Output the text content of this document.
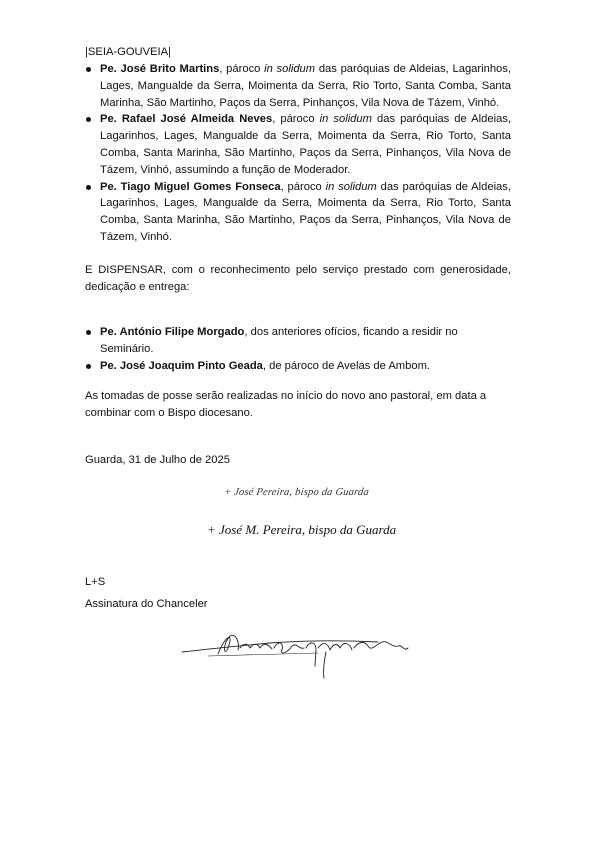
|SEIA-GOUVEIA|
Pe. José Brito Martins, pároco in solidum das paróquias de Aldeias, Lagarinhos, Lages, Mangualde da Serra, Moimenta da Serra, Rio Torto, Santa Comba, Santa Marinha, São Martinho, Paços da Serra, Pinhanços, Vila Nova de Tázem, Vinhó.
Pe. Rafael José Almeida Neves, pároco in solidum das paróquias de Aldeias, Lagarinhos, Lages, Mangualde da Serra, Moimenta da Serra, Rio Torto, Santa Comba, Santa Marinha, São Martinho, Paços da Serra, Pinhanços, Vila Nova de Tázem, Vinhó, assumindo a função de Moderador.
Pe. Tiago Miguel Gomes Fonseca, pároco in solidum das paróquias de Aldeias, Lagarinhos, Lages, Mangualde da Serra, Moimenta da Serra, Rio Torto, Santa Comba, Santa Marinha, São Martinho, Paços da Serra, Pinhanços, Vila Nova de Tázem, Vinhó.
E DISPENSAR, com o reconhecimento pelo serviço prestado com generosidade, dedicação e entrega:
Pe. António Filipe Morgado, dos anteriores ofícios, ficando a residir no Seminário.
Pe. José Joaquim Pinto Geada, de pároco de Avelas de Ambom.
As tomadas de posse serão realizadas no início do novo ano pastoral, em data a combinar com o Bispo diocesano.
Guarda, 31 de Julho de 2025
+ José Pereira, bispo da Guarda
+ José M. Pereira, bispo da Guarda
L+S
Assinatura do Chanceler
